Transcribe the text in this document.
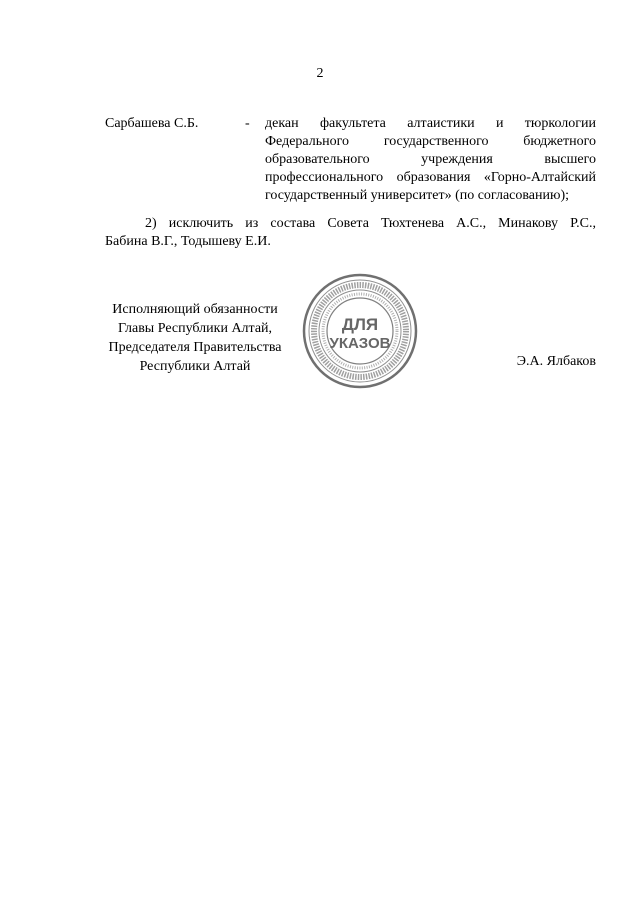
2
Сарбашева С.Б.	- декан факультета алтаистики и тюркологии
Федерального государственного бюджетного
образовательного учреждения высшего
профессионального образования «Горно-Алтайский
государственный университет» (по согласованию);
2) исключить из состава Совета Тюхтенева А.С., Минакову Р.С.,
Бабина В.Г., Тодышеву Е.И.
Исполняющий обязанности
Главы Республики Алтай,
Председателя Правительства
Республики Алтай
ДЛЯ
УКАЗОВ
Э.А. Ялбаков
